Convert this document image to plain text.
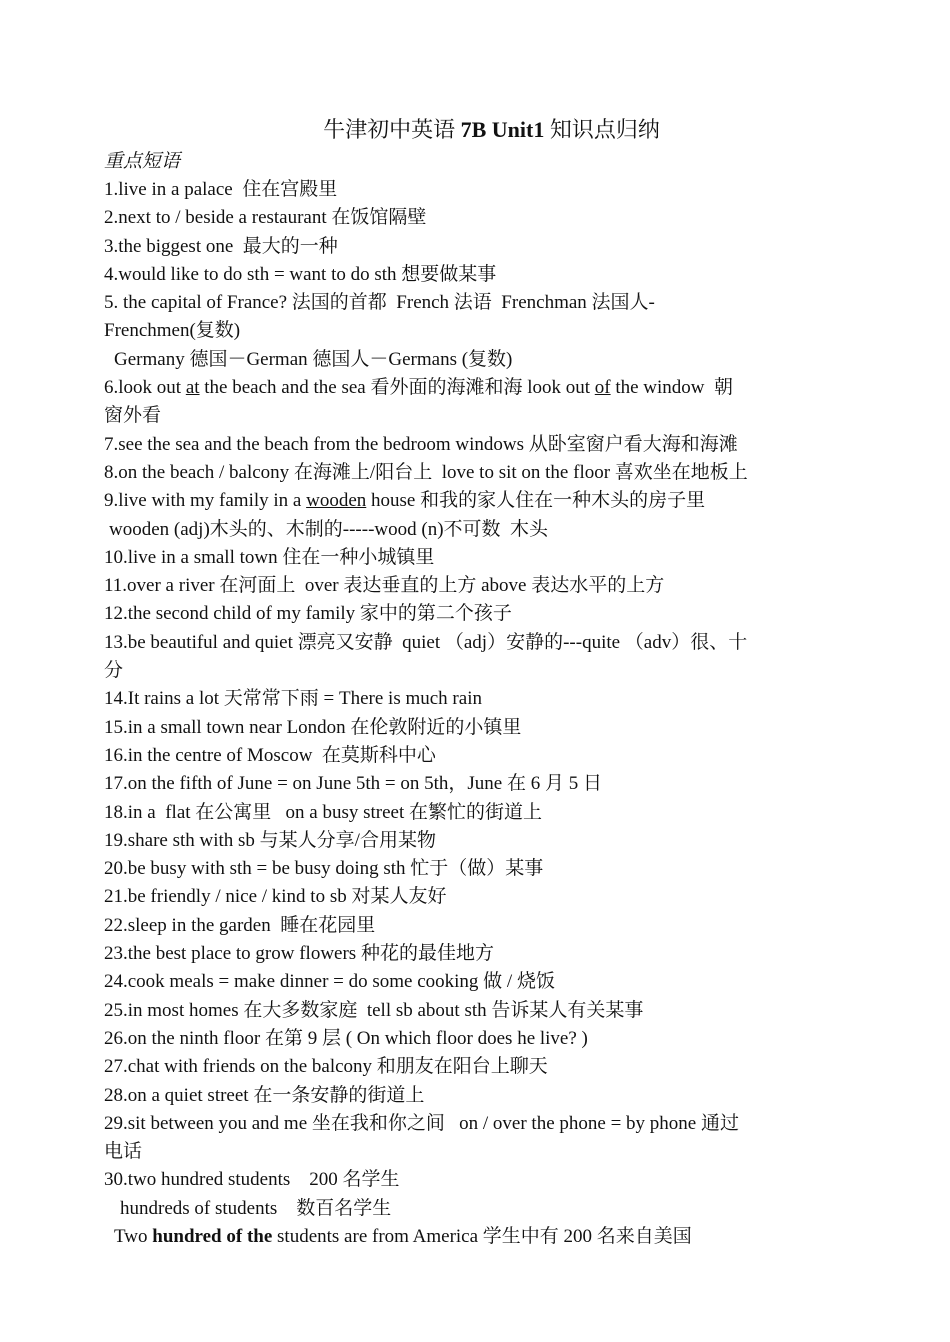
牛津初中英语 7B Unit1 知识点归纳

重点短语

1.live in a palace  住在宫殿里

2.next to / beside a restaurant 在饭馆隔壁

3.the biggest one  最大的一种

4.would like to do sth = want to do sth 想要做某事

5. the capital of France? 法国的首都  French 法语  Frenchman 法国人-

Frenchmen(复数)

Germany 德国－German 德国人－Germans (复数)

6.look out at the beach and the sea 看外面的海滩和海 look out of the window  朝

窗外看

7.see the sea and the beach from the bedroom windows 从卧室窗户看大海和海滩

8.on the beach / balcony 在海滩上/阳台上  love to sit on the floor 喜欢坐在地板上

9.live with my family in a wooden house 和我的家人住在一种木头的房子里

wooden (adj)木头的、木制的-----wood (n)不可数  木头

10.live in a small town 住在一种小城镇里

11.over a river 在河面上  over 表达垂直的上方 above 表达水平的上方

12.the second child of my family 家中的第二个孩子

13.be beautiful and quiet 漂亮又安静  quiet （adj）安静的---quite （adv）很、十

分

14.It rains a lot 天常常下雨 = There is much rain

15.in a small town near London 在伦敦附近的小镇里

16.in the centre of Moscow  在莫斯科中心

17.on the fifth of June = on June 5th = on 5th，June 在 6 月 5 日

18.in a  flat 在公寓里   on a busy street 在繁忙的街道上

19.share sth with sb 与某人分享/合用某物

20.be busy with sth = be busy doing sth 忙于（做）某事

21.be friendly / nice / kind to sb 对某人友好

22.sleep in the garden  睡在花园里

23.the best place to grow flowers 种花的最佳地方

24.cook meals = make dinner = do some cooking 做 / 烧饭

25.in most homes 在大多数家庭  tell sb about sth 告诉某人有关某事

26.on the ninth floor 在第 9 层 ( On which floor does he live? )

27.chat with friends on the balcony 和朋友在阳台上聊天

28.on a quiet street 在一条安静的街道上

29.sit between you and me 坐在我和你之间   on / over the phone = by phone 通过

电话

30.two hundred students    200 名学生

hundreds of students    数百名学生

Two hundred of the students are from America 学生中有 200 名来自美国
